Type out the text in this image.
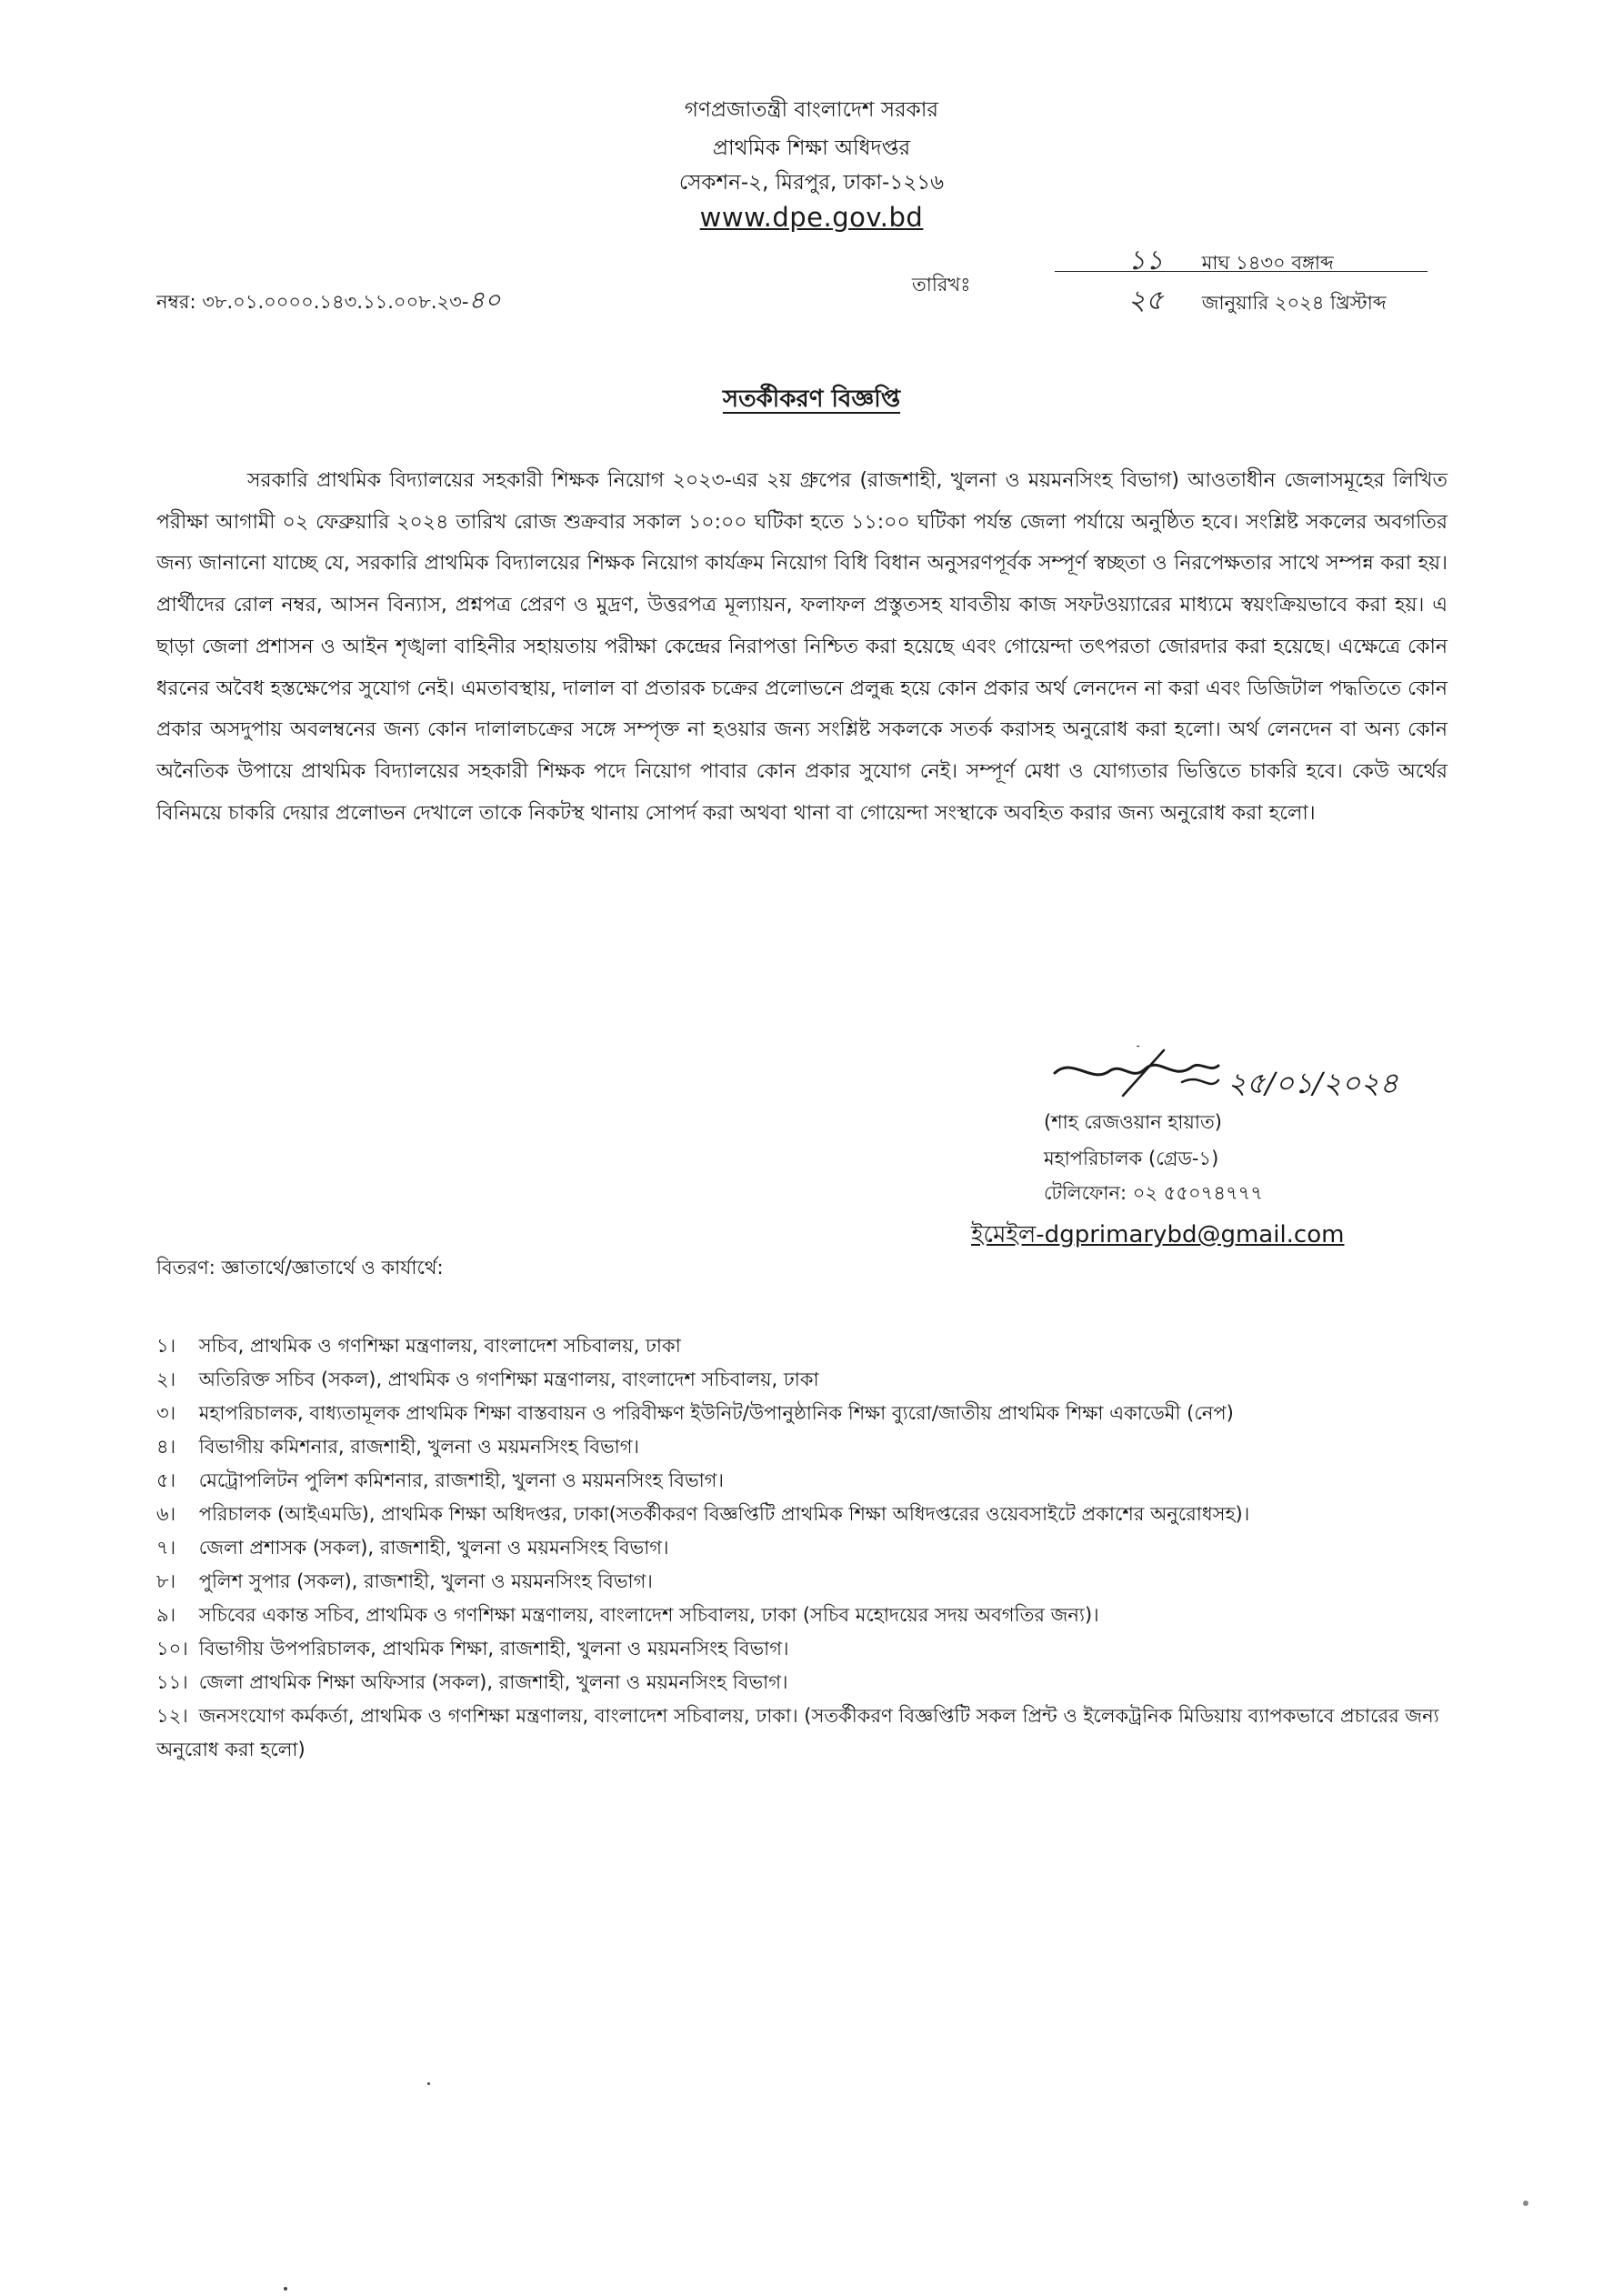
গণপ্রজাতন্ত্রী বাংলাদেশ সরকার
প্রাথমিক শিক্ষা অধিদপ্তর
সেকশন-২, মিরপুর, ঢাকা-১২১৬
www.dpe.gov.bd
নম্বর: ৩৮.০১.০০০০.১৪৩.১১.০০৮.২৩-৪০
তারিখঃ
১১ মাঘ ১৪৩০ বঙ্গাব্দ
২৫ জানুয়ারি ২০২৪ খ্রিস্টাব্দ
সতর্কীকরণ বিজ্ঞপ্তি
সরকারি প্রাথমিক বিদ্যালয়ের সহকারী শিক্ষক নিয়োগ ২০২৩-এর ২য় গ্রুপের (রাজশাহী, খুলনা ও ময়মনসিংহ বিভাগ) আওতাধীন জেলাসমূহের লিখিত পরীক্ষা আগামী ০২ ফেব্রুয়ারি ২০২৪ তারিখ রোজ শুক্রবার সকাল ১০:০০ ঘটিকা হতে ১১:০০ ঘটিকা পর্যন্ত জেলা পর্যায়ে অনুষ্ঠিত হবে। সংশ্লিষ্ট সকলের অবগতির জন্য জানানো যাচ্ছে যে, সরকারি প্রাথমিক বিদ্যালয়ের শিক্ষক নিয়োগ কার্যক্রম নিয়োগ বিধি বিধান অনুসরণপূর্বক সম্পূর্ণ স্বচ্ছতা ও নিরপেক্ষতার সাথে সম্পন্ন করা হয়। প্রার্থীদের রোল নম্বর, আসন বিন্যাস, প্রশ্নপত্র প্রেরণ ও মুদ্রণ, উত্তরপত্র মূল্যায়ন, ফলাফল প্রস্তুতসহ যাবতীয় কাজ সফটওয়্যারের মাধ্যমে স্বয়ংক্রিয়ভাবে করা হয়। এ ছাড়া জেলা প্রশাসন ও আইন শৃঙ্খলা বাহিনীর সহায়তায় পরীক্ষা কেন্দ্রের নিরাপত্তা নিশ্চিত করা হয়েছে এবং গোয়েন্দা তৎপরতা জোরদার করা হয়েছে। এক্ষেত্রে কোন ধরনের অবৈধ হস্তক্ষেপের সুযোগ নেই। এমতাবস্থায়, দালাল বা প্রতারক চক্রের প্রলোভনে প্রলুব্ধ হয়ে কোন প্রকার অর্থ লেনদেন না করা এবং ডিজিটাল পদ্ধতিতে কোন প্রকার অসদুপায় অবলম্বনের জন্য কোন দালালচক্রের সঙ্গে সম্পৃক্ত না হওয়ার জন্য সংশ্লিষ্ট সকলকে সতর্ক করাসহ অনুরোধ করা হলো। অর্থ লেনদেন বা অন্য কোন অনৈতিক উপায়ে প্রাথমিক বিদ্যালয়ের সহকারী শিক্ষক পদে নিয়োগ পাবার কোন প্রকার সুযোগ নেই। সম্পূর্ণ মেধা ও যোগ্যতার ভিত্তিতে চাকরি হবে। কেউ অর্থের বিনিময়ে চাকরি দেয়ার প্রলোভন দেখালে তাকে নিকটস্থ থানায় সোপর্দ করা অথবা থানা বা গোয়েন্দা সংস্থাকে অবহিত করার জন্য অনুরোধ করা হলো।
২৫/০১/২০২৪
(শাহ রেজওয়ান হায়াত)
মহাপরিচালক (গ্রেড-১)
টেলিফোন: ০২ ৫৫০৭৪৭৭৭
ইমেইল-dgprimarybd@gmail.com
বিতরণ: জ্ঞাতার্থে/জ্ঞাতার্থে ও কার্যার্থে:
১। সচিব, প্রাথমিক ও গণশিক্ষা মন্ত্রণালয়, বাংলাদেশ সচিবালয়, ঢাকা
২। অতিরিক্ত সচিব (সকল), প্রাথমিক ও গণশিক্ষা মন্ত্রণালয়, বাংলাদেশ সচিবালয়, ঢাকা
৩। মহাপরিচালক, বাধ্যতামূলক প্রাথমিক শিক্ষা বাস্তবায়ন ও পরিবীক্ষণ ইউনিট/উপানুষ্ঠানিক শিক্ষা ব্যুরো/জাতীয় প্রাথমিক শিক্ষা একাডেমী (নেপ)
৪। বিভাগীয় কমিশনার, রাজশাহী, খুলনা ও ময়মনসিংহ বিভাগ।
৫। মেট্রোপলিটন পুলিশ কমিশনার, রাজশাহী, খুলনা ও ময়মনসিংহ বিভাগ।
৬। পরিচালক (আইএমডি), প্রাথমিক শিক্ষা অধিদপ্তর, ঢাকা(সতর্কীকরণ বিজ্ঞপ্তিটি প্রাথমিক শিক্ষা অধিদপ্তরের ওয়েবসাইটে প্রকাশের অনুরোধসহ)।
৭। জেলা প্রশাসক (সকল), রাজশাহী, খুলনা ও ময়মনসিংহ বিভাগ।
৮। পুলিশ সুপার (সকল), রাজশাহী, খুলনা ও ময়মনসিংহ বিভাগ।
৯। সচিবের একান্ত সচিব, প্রাথমিক ও গণশিক্ষা মন্ত্রণালয়, বাংলাদেশ সচিবালয়, ঢাকা (সচিব মহোদয়ের সদয় অবগতির জন্য)।
১০। বিভাগীয় উপপরিচালক, প্রাথমিক শিক্ষা, রাজশাহী, খুলনা ও ময়মনসিংহ বিভাগ।
১১। জেলা প্রাথমিক শিক্ষা অফিসার (সকল), রাজশাহী, খুলনা ও ময়মনসিংহ বিভাগ।
১২। জনসংযোগ কর্মকর্তা, প্রাথমিক ও গণশিক্ষা মন্ত্রণালয়, বাংলাদেশ সচিবালয়, ঢাকা। (সতর্কীকরণ বিজ্ঞপ্তিটি সকল প্রিন্ট ও ইলেকট্রনিক মিডিয়ায় ব্যাপকভাবে প্রচারের জন্য অনুরোধ করা হলো)
